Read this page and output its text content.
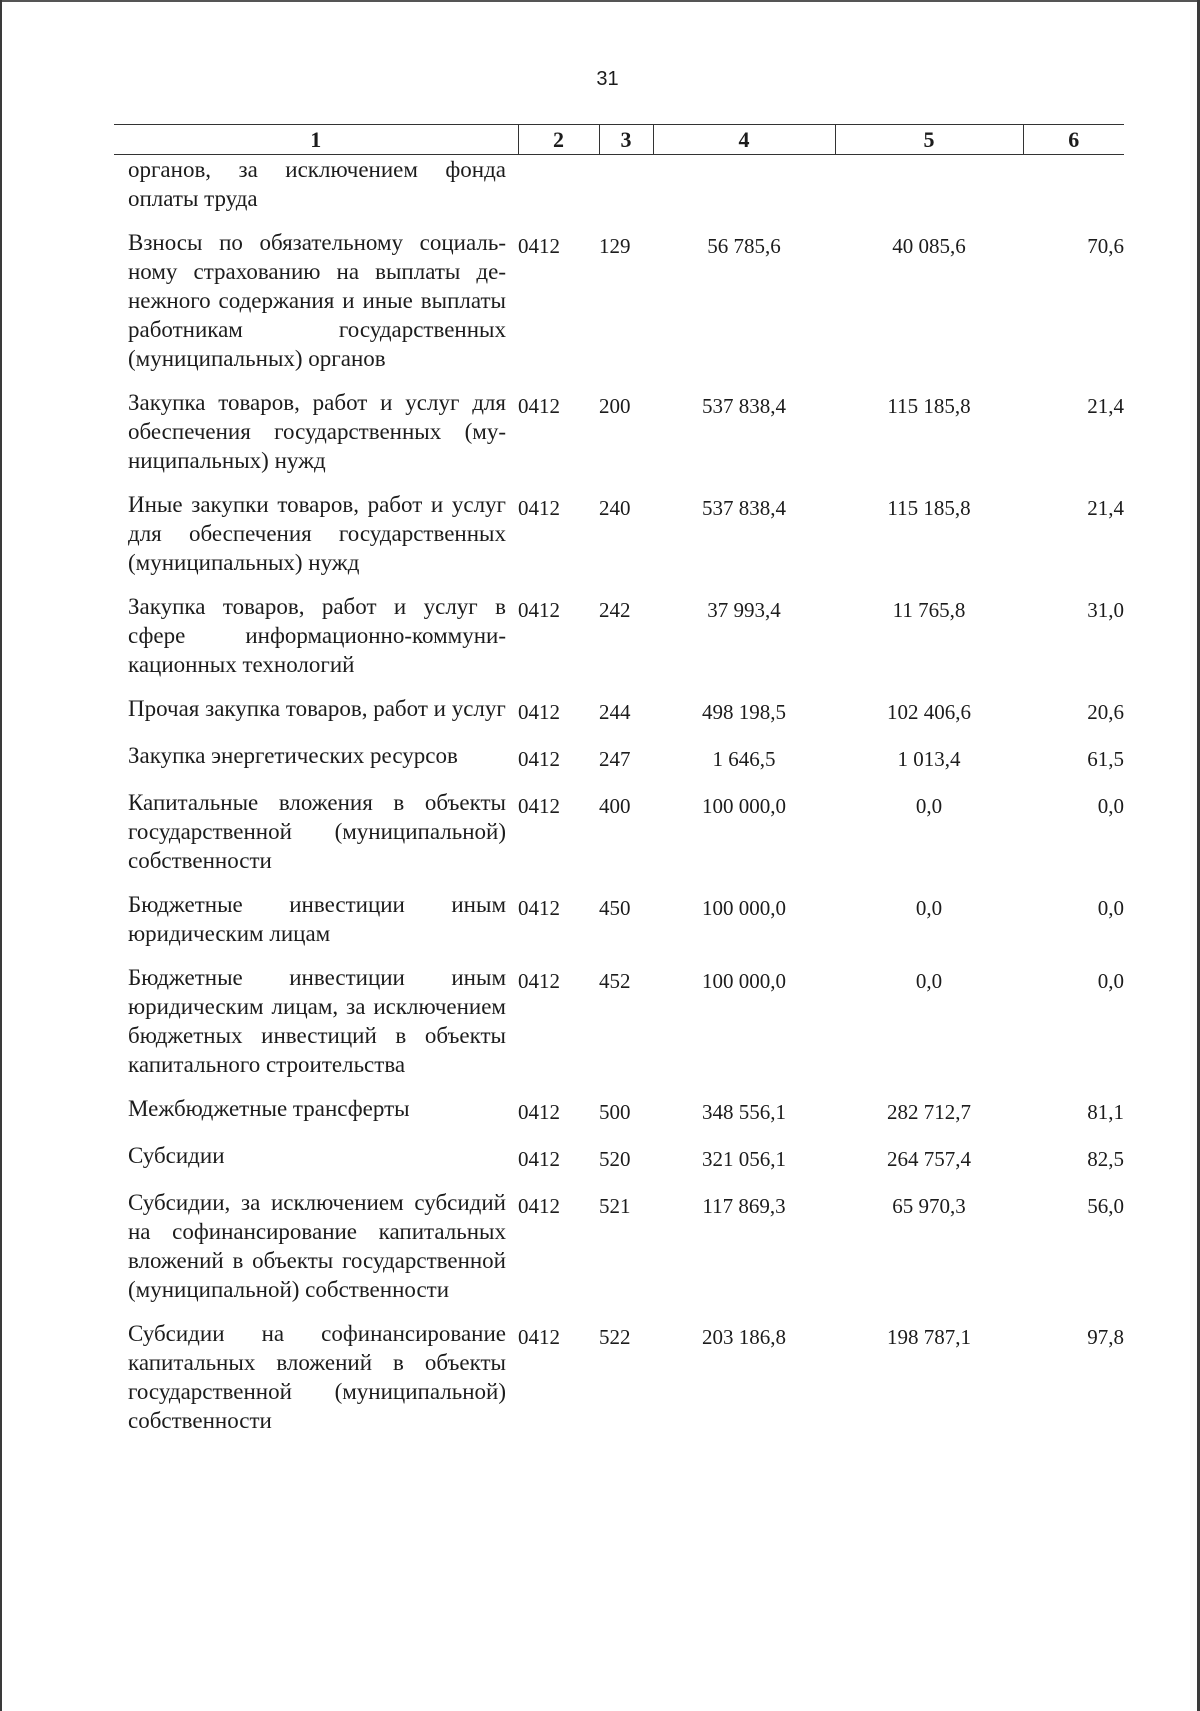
31
1	2	3	4	5	6
органов, за исключением фонда оплаты труда					
Взносы по обязательному социальному страхованию на выплаты денежного содержания и иные выплаты работникам государственных (муниципальных) органов	0412	129	56 785,6	40 085,6	70,6
Закупка товаров, работ и услуг для обеспечения государственных (муниципальных) нужд	0412	200	537 838,4	115 185,8	21,4
Иные закупки товаров, работ и услуг для обеспечения государственных (муниципальных) нужд	0412	240	537 838,4	115 185,8	21,4
Закупка товаров, работ и услуг в сфере информационно-коммуникационных технологий	0412	242	37 993,4	11 765,8	31,0
Прочая закупка товаров, работ и услуг	0412	244	498 198,5	102 406,6	20,6
Закупка энергетических ресурсов	0412	247	1 646,5	1 013,4	61,5
Капитальные вложения в объекты государственной (муниципальной) собственности	0412	400	100 000,0	0,0	0,0
Бюджетные инвестиции иным юридическим лицам	0412	450	100 000,0	0,0	0,0
Бюджетные инвестиции иным юридическим лицам, за исключением бюджетных инвестиций в объекты капитального строительства	0412	452	100 000,0	0,0	0,0
Межбюджетные трансферты	0412	500	348 556,1	282 712,7	81,1
Субсидии	0412	520	321 056,1	264 757,4	82,5
Субсидии, за исключением субсидий на софинансирование капитальных вложений в объекты государственной (муниципальной) собственности	0412	521	117 869,3	65 970,3	56,0
Субсидии на софинансирование капитальных вложений в объекты государственной (муниципальной) собственности	0412	522	203 186,8	198 787,1	97,8
